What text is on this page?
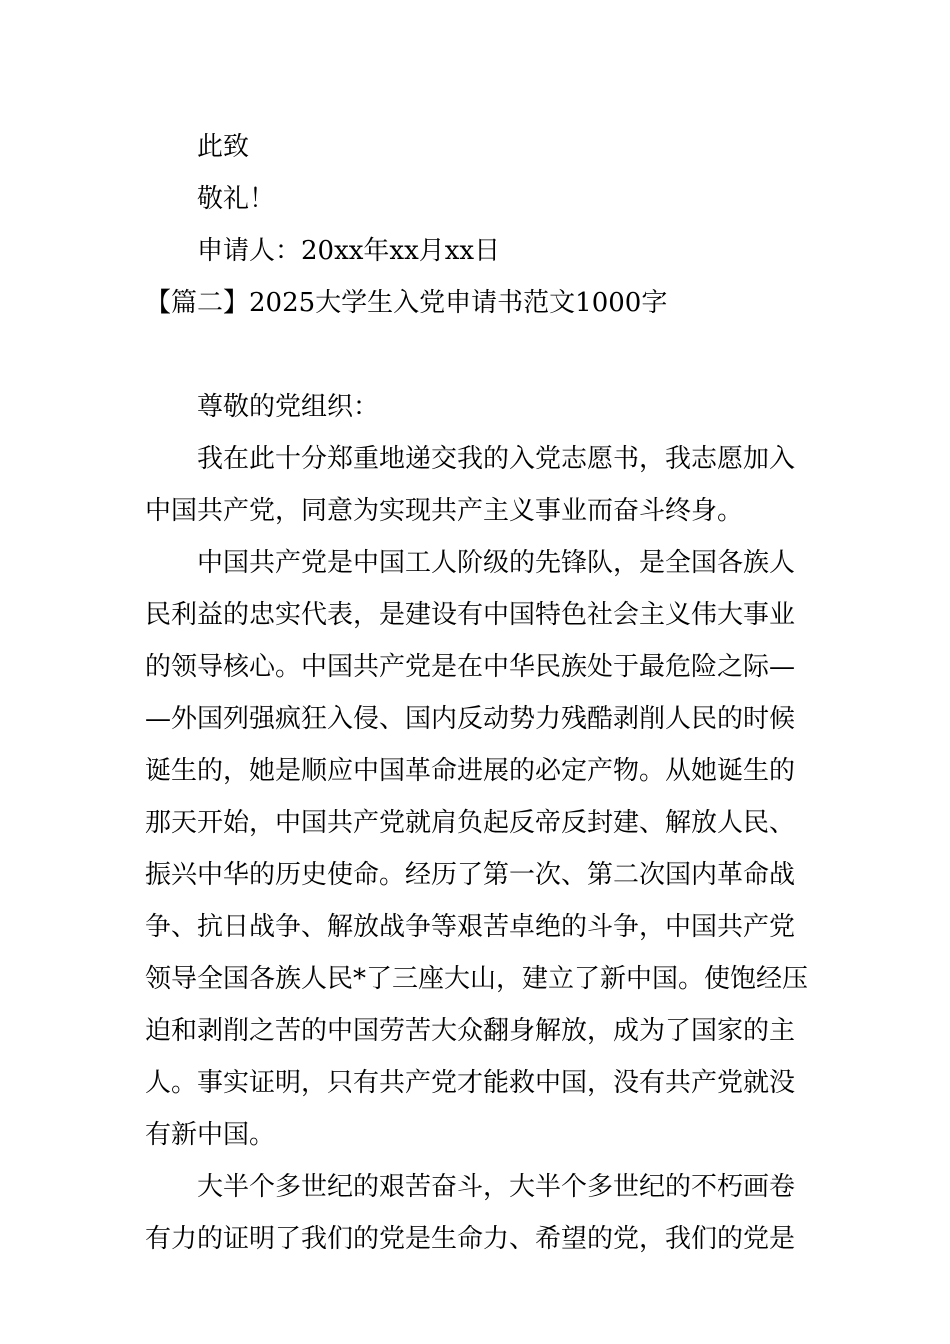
此致
敬礼！
申请人：20xx年xx月xx日
【篇二】2025大学生入党申请书范文1000字
尊敬的党组织：
我在此十分郑重地递交我的入党志愿书，我志愿加入
中国共产党，同意为实现共产主义事业而奋斗终身。
中国共产党是中国工人阶级的先锋队，是全国各族人
民利益的忠实代表，是建设有中国特色社会主义伟大事业
的领导核心。中国共产党是在中华民族处于最危险之际—
—外国列强疯狂入侵、国内反动势力残酷剥削人民的时候
诞生的，她是顺应中国革命进展的必定产物。从她诞生的
那天开始，中国共产党就肩负起反帝反封建、解放人民、
振兴中华的历史使命。经历了第一次、第二次国内革命战
争、抗日战争、解放战争等艰苦卓绝的斗争，中国共产党
领导全国各族人民*了三座大山，建立了新中国。使饱经压
迫和剥削之苦的中国劳苦大众翻身解放，成为了国家的主
人。事实证明，只有共产党才能救中国，没有共产党就没
有新中国。
大半个多世纪的艰苦奋斗，大半个多世纪的不朽画卷
有力的证明了我们的党是生命力、希望的党，我们的党是
